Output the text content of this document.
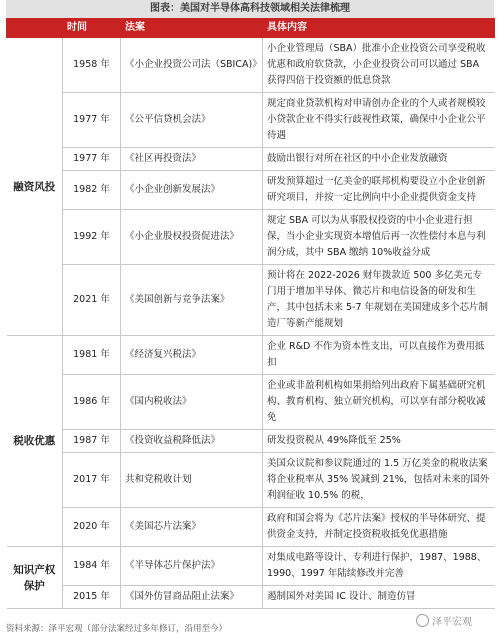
图表：美国对半导体高科技领域相关法律梳理
	时间	法案	具体内容
融资风投	1958 年	《小企业投资公司法（SBICA)》	小企业管理局（SBA）批准小企业投资公司享受税收优惠和政府软贷款，小企业投资公司可以通过 SBA 获得四倍于投资额的低息贷款
	1977 年	《公平信贷机会法》	规定商业贷款机构对申请创办企业的个人或者规模较小贷款企业不得实行歧视性政策，确保中小企业公平待遇
	1977 年	《社区再投资法》	鼓励出银行对所在社区的中小企业发放融资
	1982 年	《小企业创新发展法》	研发预算超过一亿美金的联邦机构要设立小企业创新研究项目，并按一定比例向中小企业提供资金支持
	1992 年	《小企业股权投资促进法》	规定 SBA 可以为从事股权投资的中小企业进行担保，当小企业实现资本增值后再一次性偿付本息与利润分成，其中 SBA 缴纳 10%收益分成
	2021 年	《美国创新与竞争法案》	预计将在 2022-2026 财年拨款近 500 多亿美元专门用于增加半导体、微芯片和电信设备的研发和生产，其中包括未来 5-7 年规划在美国建成多个芯片制造厂等新产能规划
税收优惠	1981 年	《经济复兴税法》	企业 R&D 不作为资本性支出，可以直接作为费用抵扣
	1986 年	《国内税收法》	企业或非盈利机构如果捐给列出政府下属基础研究机构、教育机构、独立研究机构，可以享有部分税收减免
	1987 年	《投资收益税降低法》	研发投资税从 49%降低至 25%
	2017 年	共和党税收计划	美国众议院和参议院通过的 1.5 万亿美金的税收法案将企业税率从 35% 锐减到 21%，包括对未来的国外利润征收 10.5% 的税，
	2020 年	《美国芯片法案》	政府和国会将为《芯片法案》授权的半导体研究、提供资金支持，并制定投资税收抵免优惠措施
知识产权保护	1984 年	《半导体芯片保护法》	对集成电路等设计、专利进行保护，1987、1988、1990、1997 年陆续修改并完善
	2015 年	《国外仿冒商品阻止法案》	遏制国外对美国 IC 设计、制造仿冒
资料来源：泽平宏观（部分法案经过多年修订，沿用至今）
泽平宏观
